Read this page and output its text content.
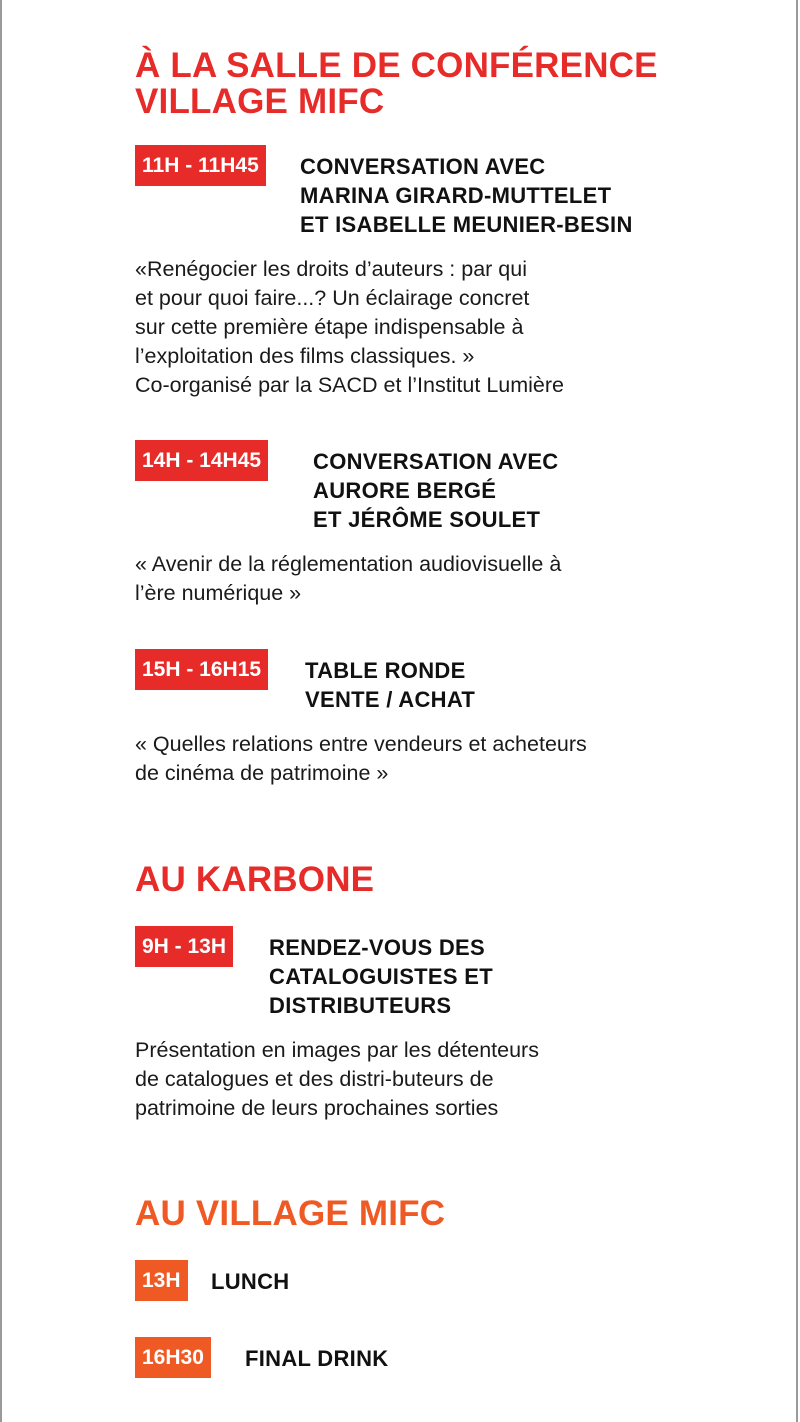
À LA SALLE DE CONFÉRENCE
VILLAGE MIFC
11H - 11H45	CONVERSATION AVEC
MARINA GIRARD-MUTTELET
ET ISABELLE MEUNIER-BESIN

«Renégocier les droits d’auteurs : par qui
et pour quoi faire...? Un éclairage concret
sur cette première étape indispensable à
l’exploitation des films classiques. »
Co-organisé par la SACD et l’Institut Lumière

14H - 14H45	CONVERSATION AVEC
AURORE BERGÉ
ET JÉRÔME SOULET

« Avenir de la réglementation audiovisuelle à
l’ère numérique »

15H - 16H15	TABLE RONDE
VENTE / ACHAT

« Quelles relations entre vendeurs et acheteurs
de cinéma de patrimoine »

AU KARBONE
9H - 13H	RENDEZ-VOUS DES
CATALOGUISTES ET
DISTRIBUTEURS

Présentation en images par les détenteurs
de catalogues et des distri-buteurs de
patrimoine de leurs prochaines sorties

AU VILLAGE MIFC
13H	LUNCH
16H30	FINAL DRINK
